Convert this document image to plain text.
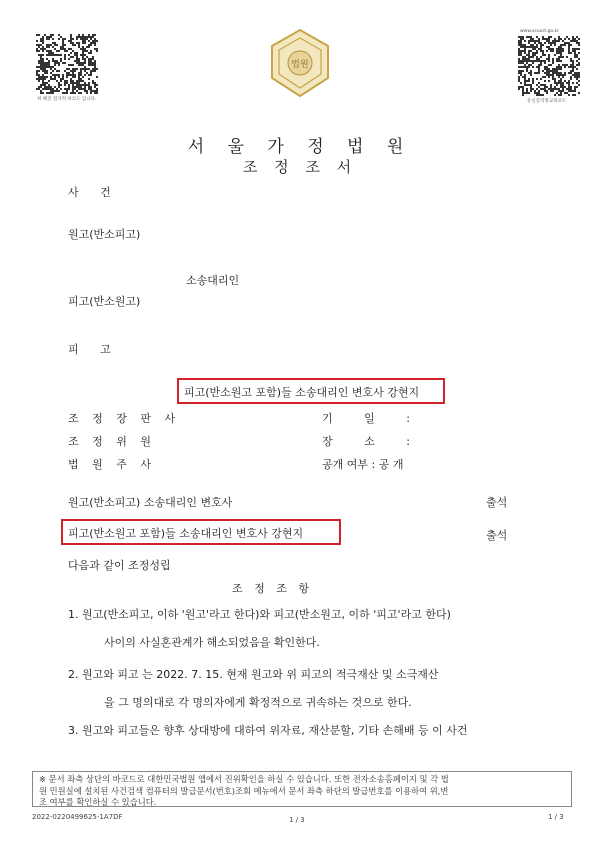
위 해진 점자적 바코드 입니다.
법원
www.scourt.go.kr
유신층격명교목코트
서 울 가 정 법 원
조 정 조 서
사 건
원고(반소피고)
소송대리인
피고(반소원고)
피 고
피고(반소원고 포함)들 소송대리인 변호사 강현지
조 정 장 판 사	기 일 :
조 정 위 원	장 소 :
법 원 주 사	공개 여부 : 공 개
원고(반소피고) 소송대리인 변호사	출석
피고(반소원고 포함)들 소송대리인 변호사 강현지	출석
다음과 같이 조정성립
조 정 조 항
1. 원고(반소피고, 이하 '원고'라고 한다)와 피고(반소원고, 이하 '피고'라고 한다)
사이의 사실혼관계가 해소되었음을 확인한다.
2. 원고와 피고 는 2022. 7. 15. 현재 원고와 위 피고의 적극재산 및 소극재산
을 그 명의대로 각 명의자에게 확정적으로 귀속하는 것으로 한다.
3. 원고와 피고들은 향후 상대방에 대하여 위자료, 재산분할, 기타 손해배 등 이 사건
※ 문서 좌측 상단의 바코드로 대한민국법원 앱에서 진위확인을 하실 수 있습니다. 또한 전자소송홈페이지 및 각 법
원 민원실에 설치된 사건검색 컴퓨터의 발급문서(번호)조회 메뉴에서 문서 좌측 하단의 발급번호를 이용하여 위,변
조 여부를 확인하실 수 있습니다.
2022-0220499625-1A7DF	1 / 3	1 / 3
